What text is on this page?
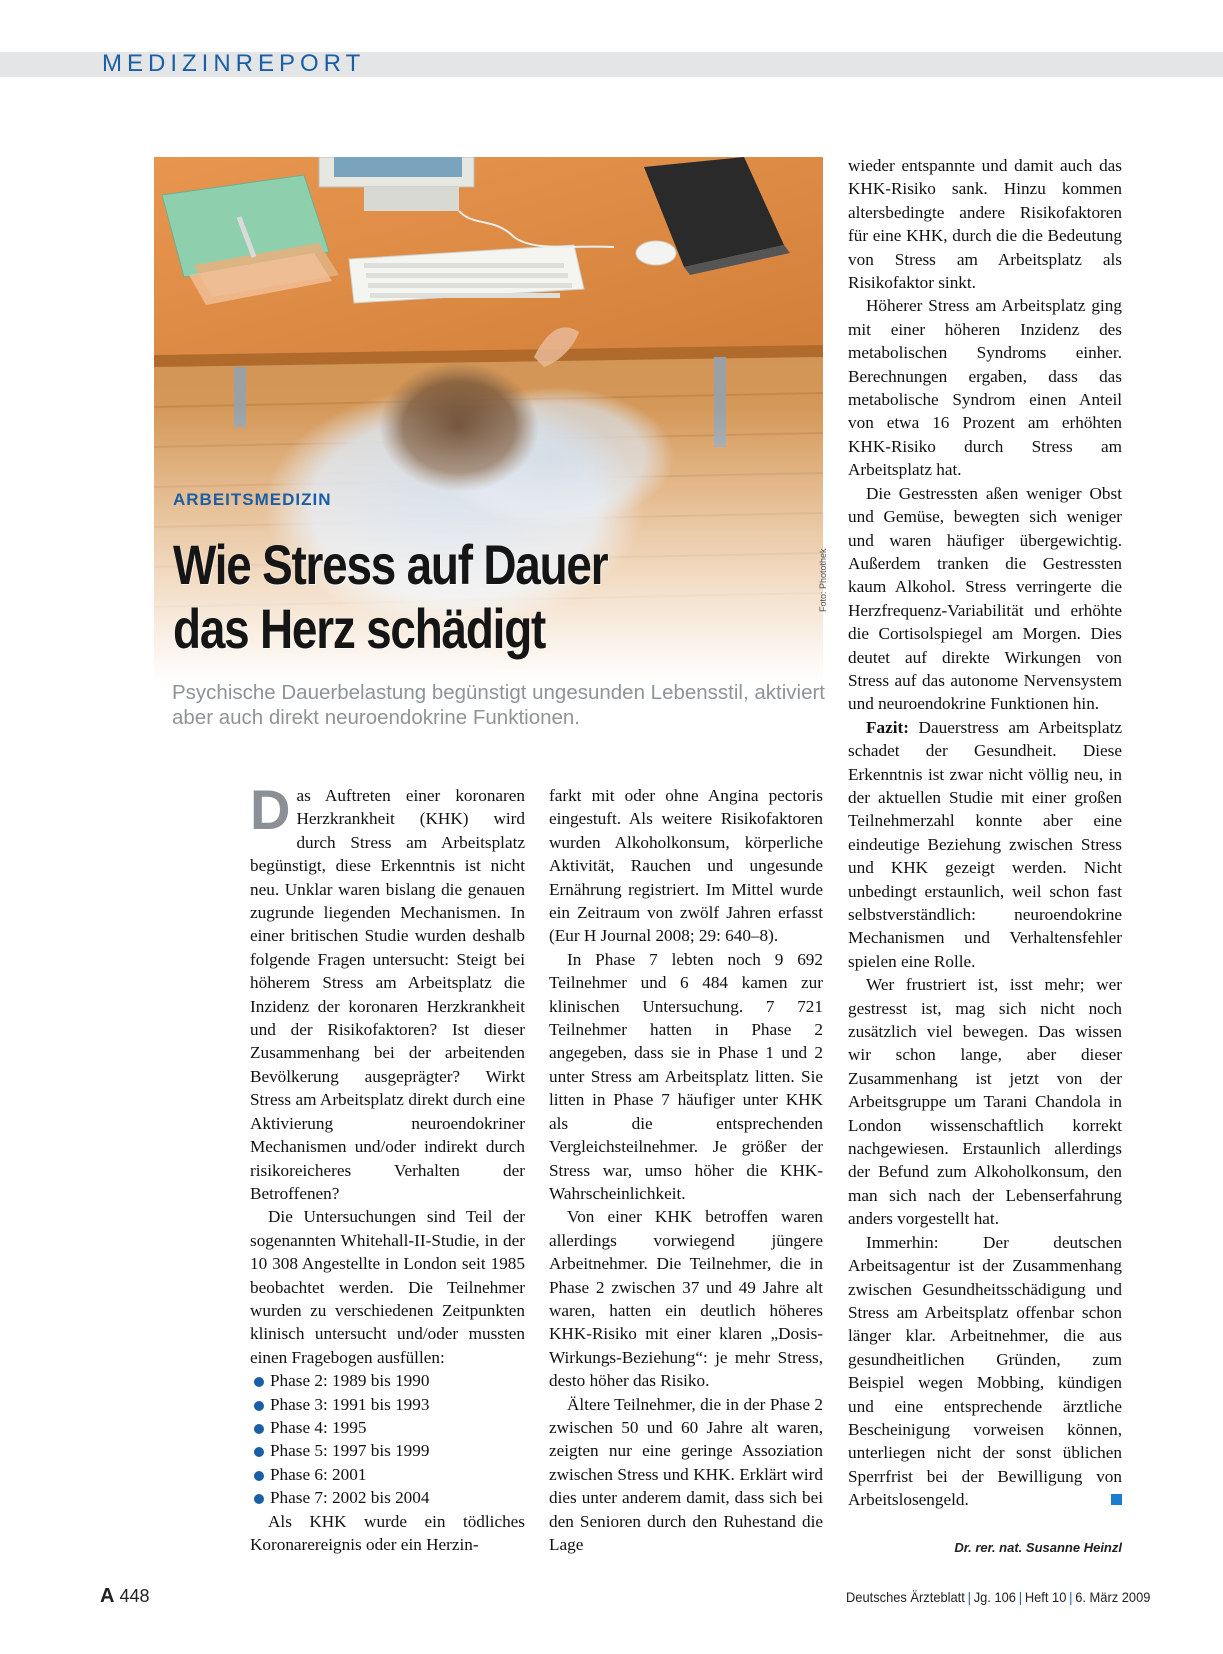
MEDIZINREPORT
Foto: Photothek
ARBEITSMEDIZIN
Wie Stress auf Dauer
das Herz schädigt
Psychische Dauerbelastung begünstigt ungesunden Lebensstil, aktiviert aber auch direkt neuroendokrine Funktionen.

Das Auftreten einer koronaren Herzkrankheit (KHK) wird durch Stress am Arbeitsplatz begünstigt, diese Erkenntnis ist nicht neu. Unklar waren bislang die genauen zugrunde liegenden Mechanismen. In einer britischen Studie wurden deshalb folgende Fragen untersucht: Steigt bei höherem Stress am Arbeitsplatz die Inzidenz der koronaren Herzkrankheit und der Risikofaktoren? Ist dieser Zusammenhang bei der arbeitenden Bevölkerung ausgeprägter? Wirkt Stress am Arbeitsplatz direkt durch eine Aktivierung neuroendokriner Mechanismen und/oder indirekt durch risikoreicheres Verhalten der Betroffenen?

Die Untersuchungen sind Teil der sogenannten Whitehall-II-Studie, in der 10 308 Angestellte in London seit 1985 beobachtet werden. Die Teilnehmer wurden zu verschiedenen Zeitpunkten klinisch untersucht und/oder mussten einen Fragebogen ausfüllen:

Phase 2: 1989 bis 1990
Phase 3: 1991 bis 1993
Phase 4: 1995
Phase 5: 1997 bis 1999
Phase 6: 2001
Phase 7: 2002 bis 2004

Als KHK wurde ein tödliches Koronarereignis oder ein Herzin-

farkt mit oder ohne Angina pectoris eingestuft. Als weitere Risikofaktoren wurden Alkoholkonsum, körperliche Aktivität, Rauchen und ungesunde Ernährung registriert. Im Mittel wurde ein Zeitraum von zwölf Jahren erfasst (Eur H Journal 2008; 29: 640–8).

In Phase 7 lebten noch 9 692 Teilnehmer und 6 484 kamen zur klinischen Untersuchung. 7 721 Teilnehmer hatten in Phase 2 angegeben, dass sie in Phase 1 und 2 unter Stress am Arbeitsplatz litten. Sie litten in Phase 7 häufiger unter KHK als die entsprechenden Vergleichsteilnehmer. Je größer der Stress war, umso höher die KHK-Wahrscheinlichkeit.

Von einer KHK betroffen waren allerdings vorwiegend jüngere Arbeitnehmer. Die Teilnehmer, die in Phase 2 zwischen 37 und 49 Jahre alt waren, hatten ein deutlich höheres KHK-Risiko mit einer klaren „Dosis-Wirkungs-Beziehung“: je mehr Stress, desto höher das Risiko.

Ältere Teilnehmer, die in der Phase 2 zwischen 50 und 60 Jahre alt waren, zeigten nur eine geringe Assoziation zwischen Stress und KHK. Erklärt wird dies unter anderem damit, dass sich bei den Senioren durch den Ruhestand die Lage

wieder entspannte und damit auch das KHK-Risiko sank. Hinzu kommen altersbedingte andere Risikofaktoren für eine KHK, durch die die Bedeutung von Stress am Arbeitsplatz als Risikofaktor sinkt.

Höherer Stress am Arbeitsplatz ging mit einer höheren Inzidenz des metabolischen Syndroms einher. Berechnungen ergaben, dass das metabolische Syndrom einen Anteil von etwa 16 Prozent am erhöhten KHK-Risiko durch Stress am Arbeitsplatz hat.

Die Gestressten aßen weniger Obst und Gemüse, bewegten sich weniger und waren häufiger übergewichtig. Außerdem tranken die Gestressten kaum Alkohol. Stress verringerte die Herzfrequenz-Variabilität und erhöhte die Cortisolspiegel am Morgen. Dies deutet auf direkte Wirkungen von Stress auf das autonome Nervensystem und neuroendokrine Funktionen hin.

Fazit: Dauerstress am Arbeitsplatz schadet der Gesundheit. Diese Erkenntnis ist zwar nicht völlig neu, in der aktuellen Studie mit einer großen Teilnehmerzahl konnte aber eine eindeutige Beziehung zwischen Stress und KHK gezeigt werden. Nicht unbedingt erstaunlich, weil schon fast selbstverständlich: neuroendokrine Mechanismen und Verhaltensfehler spielen eine Rolle.

Wer frustriert ist, isst mehr; wer gestresst ist, mag sich nicht noch zusätzlich viel bewegen. Das wissen wir schon lange, aber dieser Zusammenhang ist jetzt von der Arbeitsgruppe um Tarani Chandola in London wissenschaftlich korrekt nachgewiesen. Erstaunlich allerdings der Befund zum Alkoholkonsum, den man sich nach der Lebenserfahrung anders vorgestellt hat.

Immerhin: Der deutschen Arbeitsagentur ist der Zusammenhang zwischen Gesundheitsschädigung und Stress am Arbeitsplatz offenbar schon länger klar. Arbeitnehmer, die aus gesundheitlichen Gründen, zum Beispiel wegen Mobbing, kündigen und eine entsprechende ärztliche Bescheinigung vorweisen können, unterliegen nicht der sonst üblichen Sperrfrist bei der Bewilligung von Arbeitslosengeld.

Dr. rer. nat. Susanne Heinzl
A 448	Deutsches Ärzteblatt | Jg. 106 | Heft 10 | 6. März 2009
